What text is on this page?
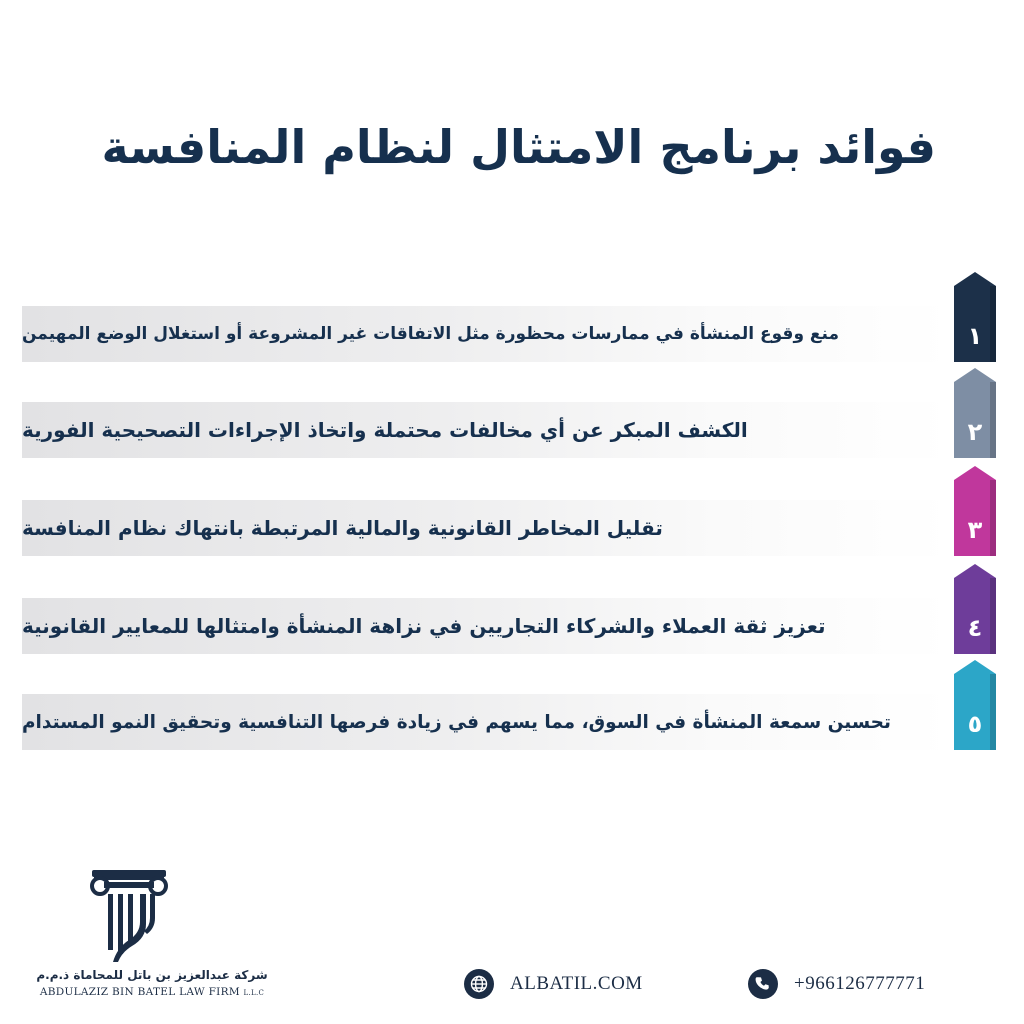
فوائد برنامج الامتثال لنظام المنافسة
منع وقوع المنشأة في ممارسات محظورة مثل الاتفاقات غير المشروعة أو استغلال الوضع المهيمن	١
الكشف المبكر عن أي مخالفات محتملة واتخاذ الإجراءات التصحيحية الفورية	٢
تقليل المخاطر القانونية والمالية المرتبطة بانتهاك نظام المنافسة	٣
تعزيز ثقة العملاء والشركاء التجاريين في نزاهة المنشأة وامتثالها للمعايير القانونية	٤
تحسين سمعة المنشأة في السوق، مما يسهم في زيادة فرصها التنافسية وتحقيق النمو المستدام	٥
شركة عبدالعزيز بن باتل للمحاماة ذ.م.م
ABDULAZIZ BIN BATEL LAW FIRM L.L.C	ALBATIL.COM	+966126777771
